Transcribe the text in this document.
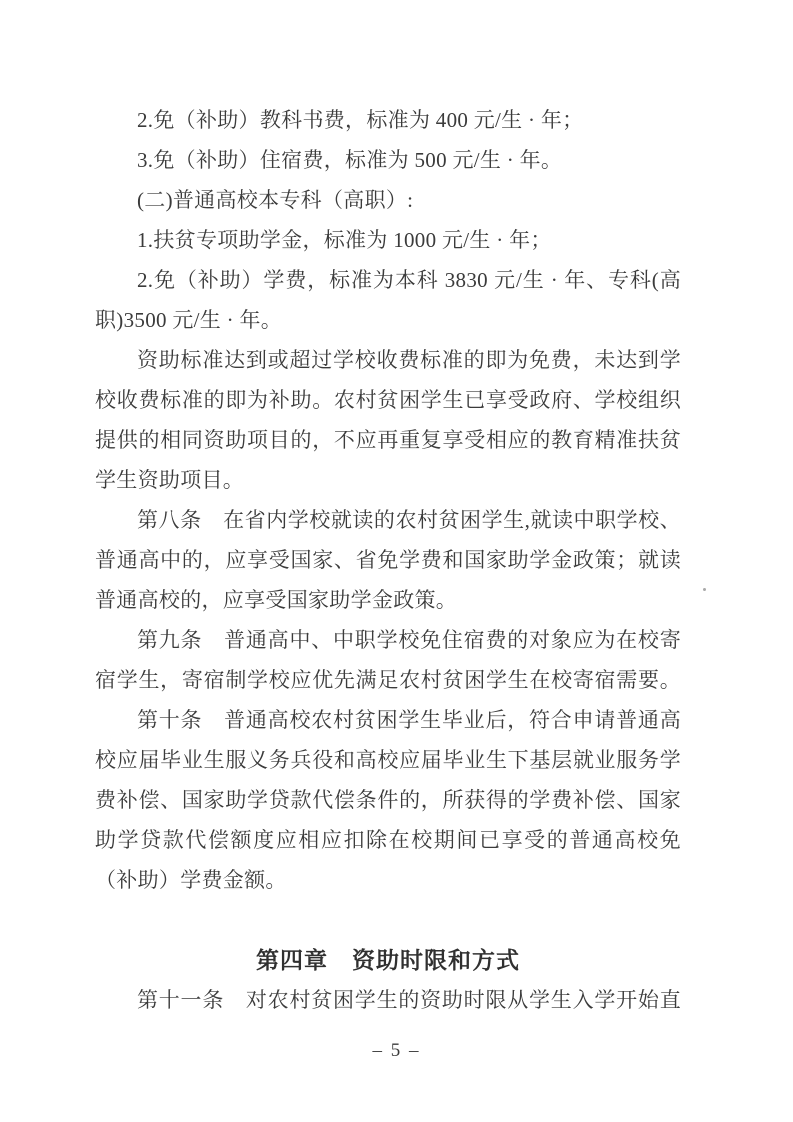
2.免（补助）教科书费，标准为 400 元/生 · 年；
3.免（补助）住宿费，标准为 500 元/生 · 年。
(二)普通高校本专科（高职）:
1.扶贫专项助学金，标准为 1000 元/生 · 年；
2.免（补助）学费，标准为本科 3830 元/生 · 年、专科(高
职)3500 元/生 · 年。
资助标准达到或超过学校收费标准的即为免费，未达到学
校收费标准的即为补助。农村贫困学生已享受政府、学校组织
提供的相同资助项目的，不应再重复享受相应的教育精准扶贫
学生资助项目。
第八条　在省内学校就读的农村贫困学生,就读中职学校、
普通高中的，应享受国家、省免学费和国家助学金政策；就读
普通高校的，应享受国家助学金政策。
第九条　普通高中、中职学校免住宿费的对象应为在校寄
宿学生，寄宿制学校应优先满足农村贫困学生在校寄宿需要。
第十条　普通高校农村贫困学生毕业后，符合申请普通高
校应届毕业生服义务兵役和高校应届毕业生下基层就业服务学
费补偿、国家助学贷款代偿条件的，所获得的学费补偿、国家
助学贷款代偿额度应相应扣除在校期间已享受的普通高校免
（补助）学费金额。
第四章　资助时限和方式
第十一条　对农村贫困学生的资助时限从学生入学开始直
– 5 –
